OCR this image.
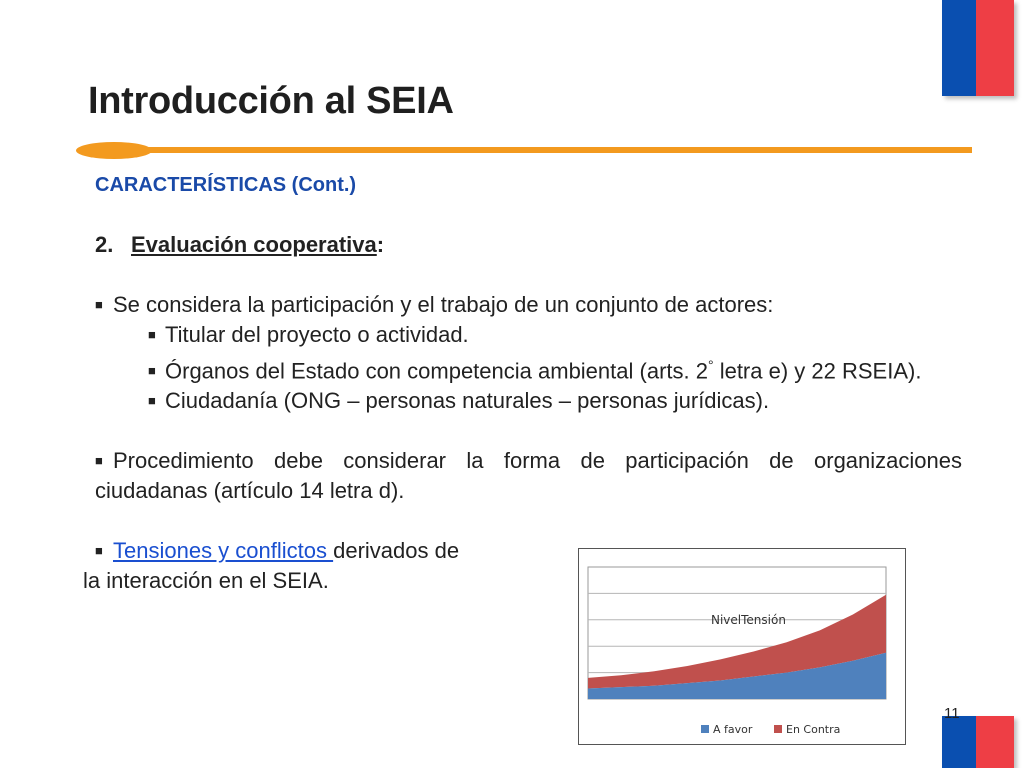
Introducción al SEIA

CARACTERÍSTICAS (Cont.)

2. Evaluación cooperativa:

■ Se considera la participación y el trabajo de un conjunto de actores:

■ Titular del proyecto o actividad.

■ Órganos del Estado con competencia ambiental (arts. 2° letra e) y 22 RSEIA).

■ Ciudadanía (ONG – personas naturales – personas jurídicas).

■ Procedimiento debe considerar la forma de participación de organizaciones ciudadanas (artículo 14 letra d).

■ Tensiones y conflictos derivados de

la interacción en el SEIA.

NivelTensión
A favor	En Contra
11
